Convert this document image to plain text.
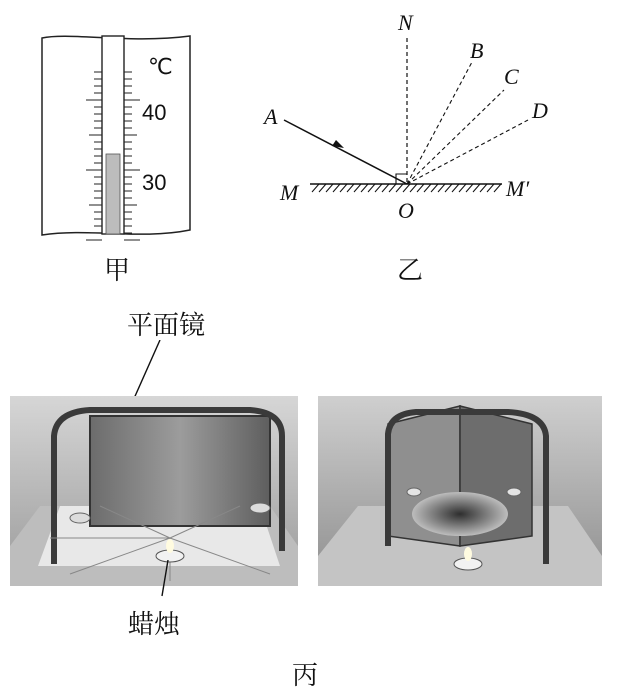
℃
40
30
甲
N
A
B
C
D
M
O
M′
乙
平面镜
蜡烛
丙
